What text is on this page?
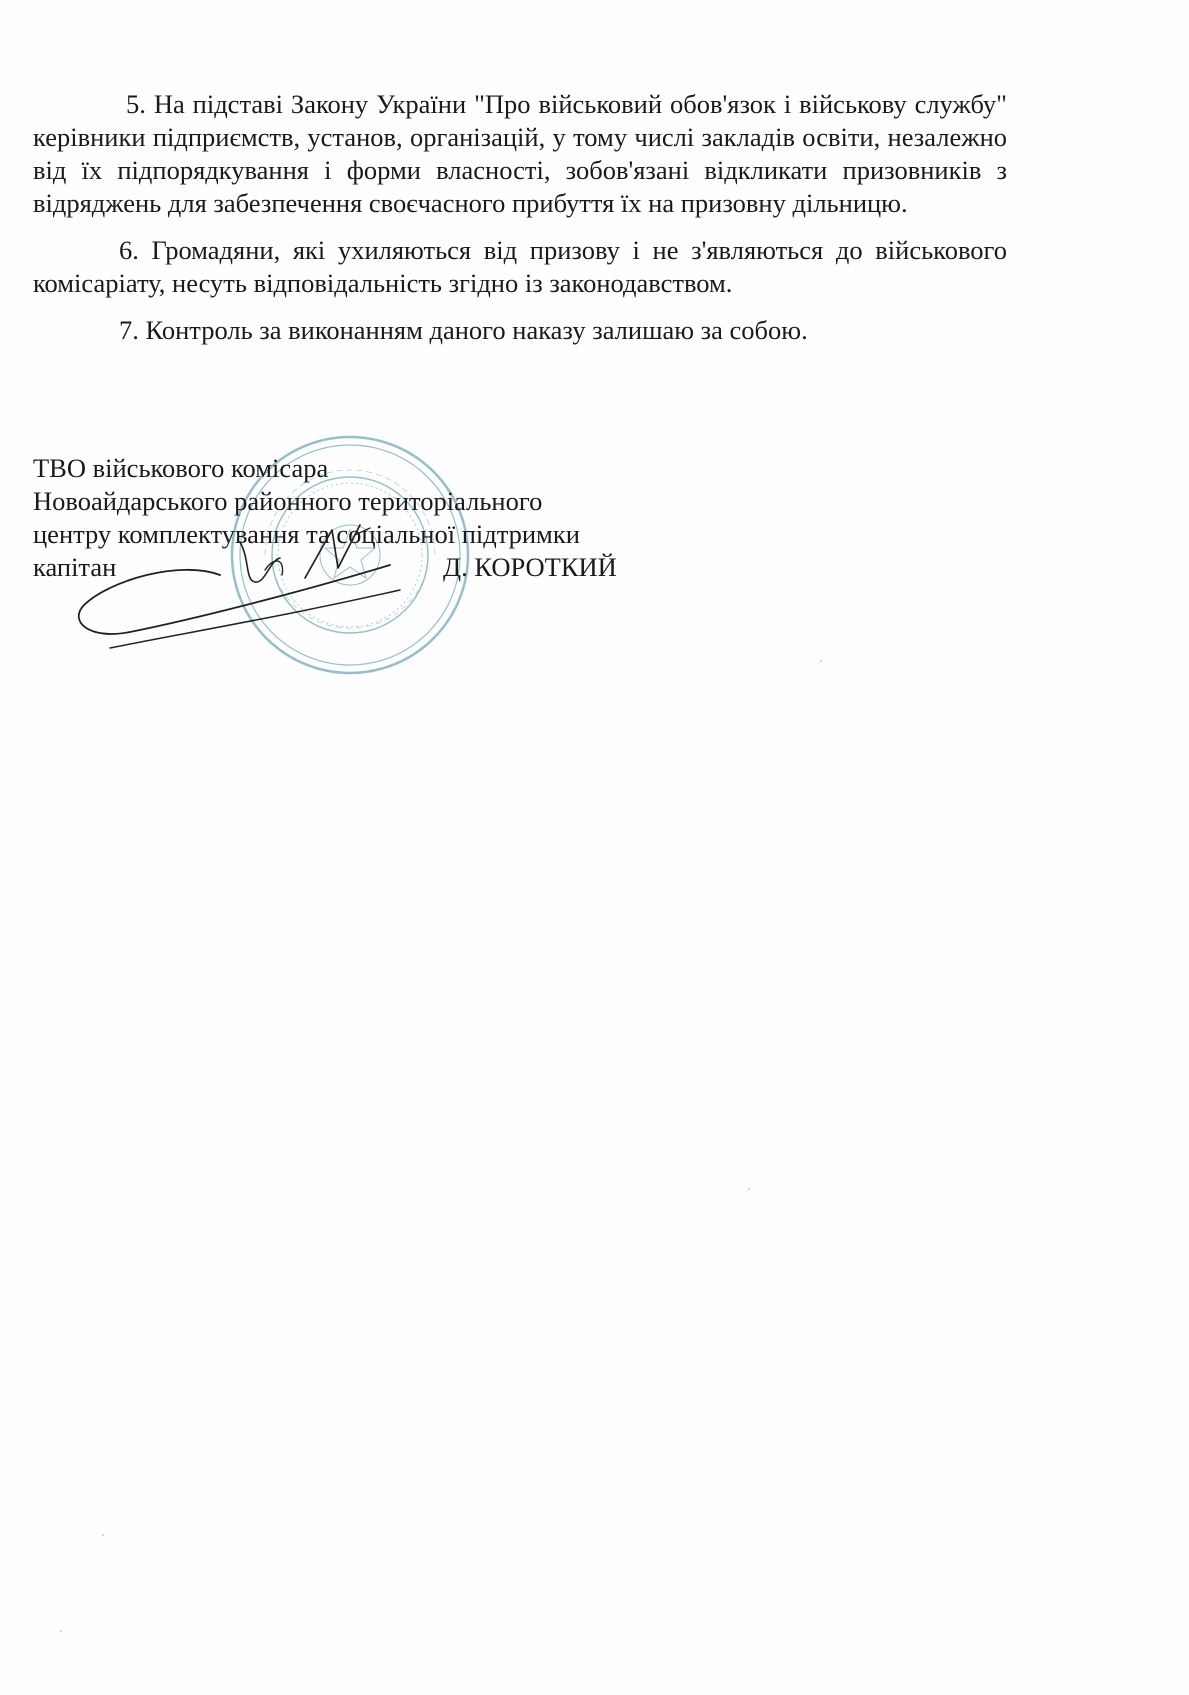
5. На підставі Закону України "Про військовий обов'язок і військову службу" керівники підприємств, установ, організацій, у тому числі закладів освіти, незалежно від їх підпорядкування і форми власності, зобов'язані відкликати призовників з відряджень для забезпечення своєчасного прибуття їх на призовну дільницю.

6. Громадяни, які ухиляються від призову і не з'являються до військового комісаріату, несуть відповідальність згідно із законодавством.

7. Контроль за виконанням даного наказу залишаю за собою.

ТВО військового комісара
Новоайдарського районного територіального
центру комплектування та соціальної підтримки
капітан	Д. КОРОТКИЙ
